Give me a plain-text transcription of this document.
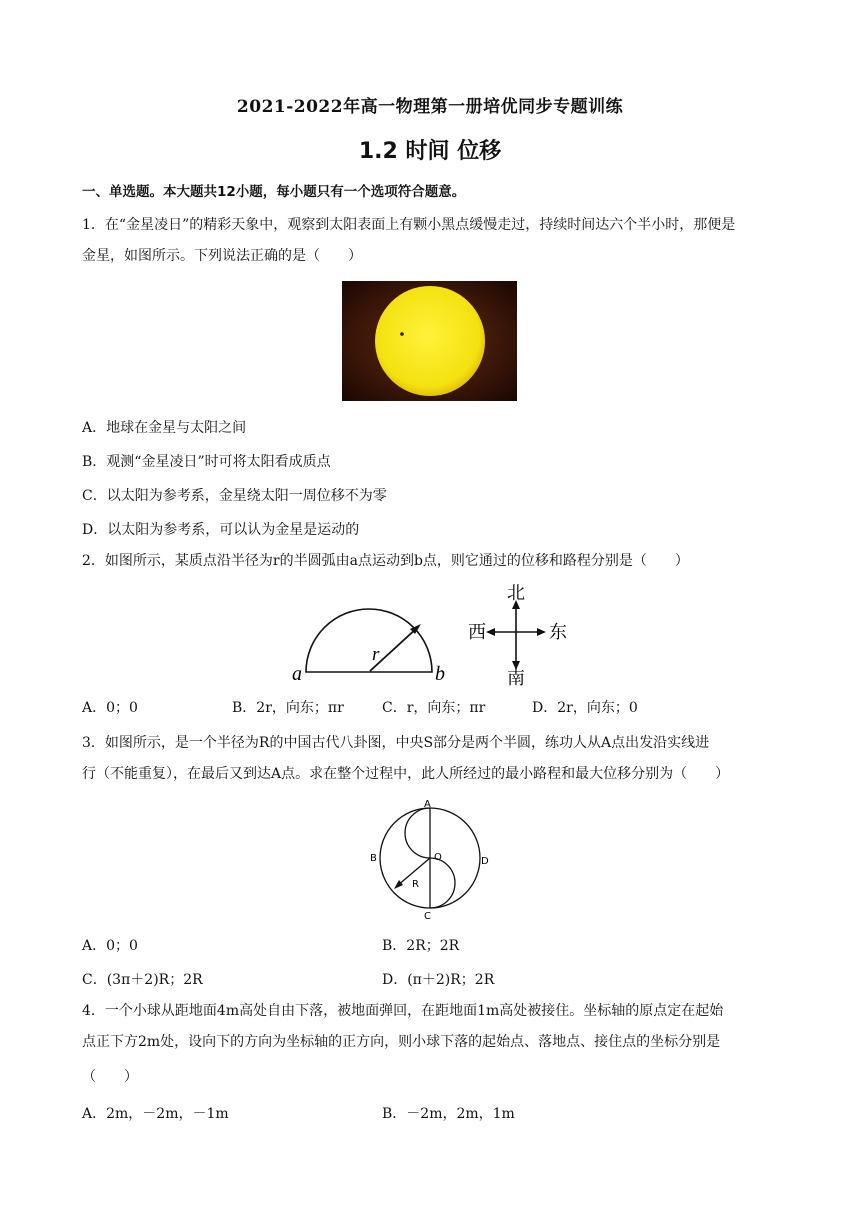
2021-2022年高一物理第一册培优同步专题训练
1.2 时间 位移
一、单选题。本大题共12小题，每小题只有一个选项符合题意。
1．在“金星凌日”的精彩天象中，观察到太阳表面上有颗小黑点缓慢走过，持续时间达六个半小时，那便是
金星，如图所示。下列说法正确的是（　　）
A．地球在金星与太阳之间
B．观测“金星凌日”时可将太阳看成质点
C．以太阳为参考系，金星绕太阳一周位移不为零
D．以太阳为参考系，可以认为金星是运动的
2．如图所示，某质点沿半径为r的半圆弧由a点运动到b点，则它通过的位移和路程分别是（　　）
a	b
r
北
南
东
西
A．0；0	B．2r，向东；πr	C．r，向东；πr	D．2r，向东；0
3．如图所示，是一个半径为R的中国古代八卦图，中央S部分是两个半圆，练功人从A点出发沿实线进
行（不能重复），在最后又到达A点。求在整个过程中，此人所经过的最小路程和最大位移分别为（　　）
A
B
C
D
O
R
A．0；0	B．2R；2R
C．(3π＋2)R；2R	D．(π＋2)R；2R
4．一个小球从距地面4m高处自由下落，被地面弹回，在距地面1m高处被接住。坐标轴的原点定在起始
点正下方2m处，设向下的方向为坐标轴的正方向，则小球下落的起始点、落地点、接住点的坐标分别是
（　　）
A．2m，－2m，－1m	B．－2m，2m，1m
